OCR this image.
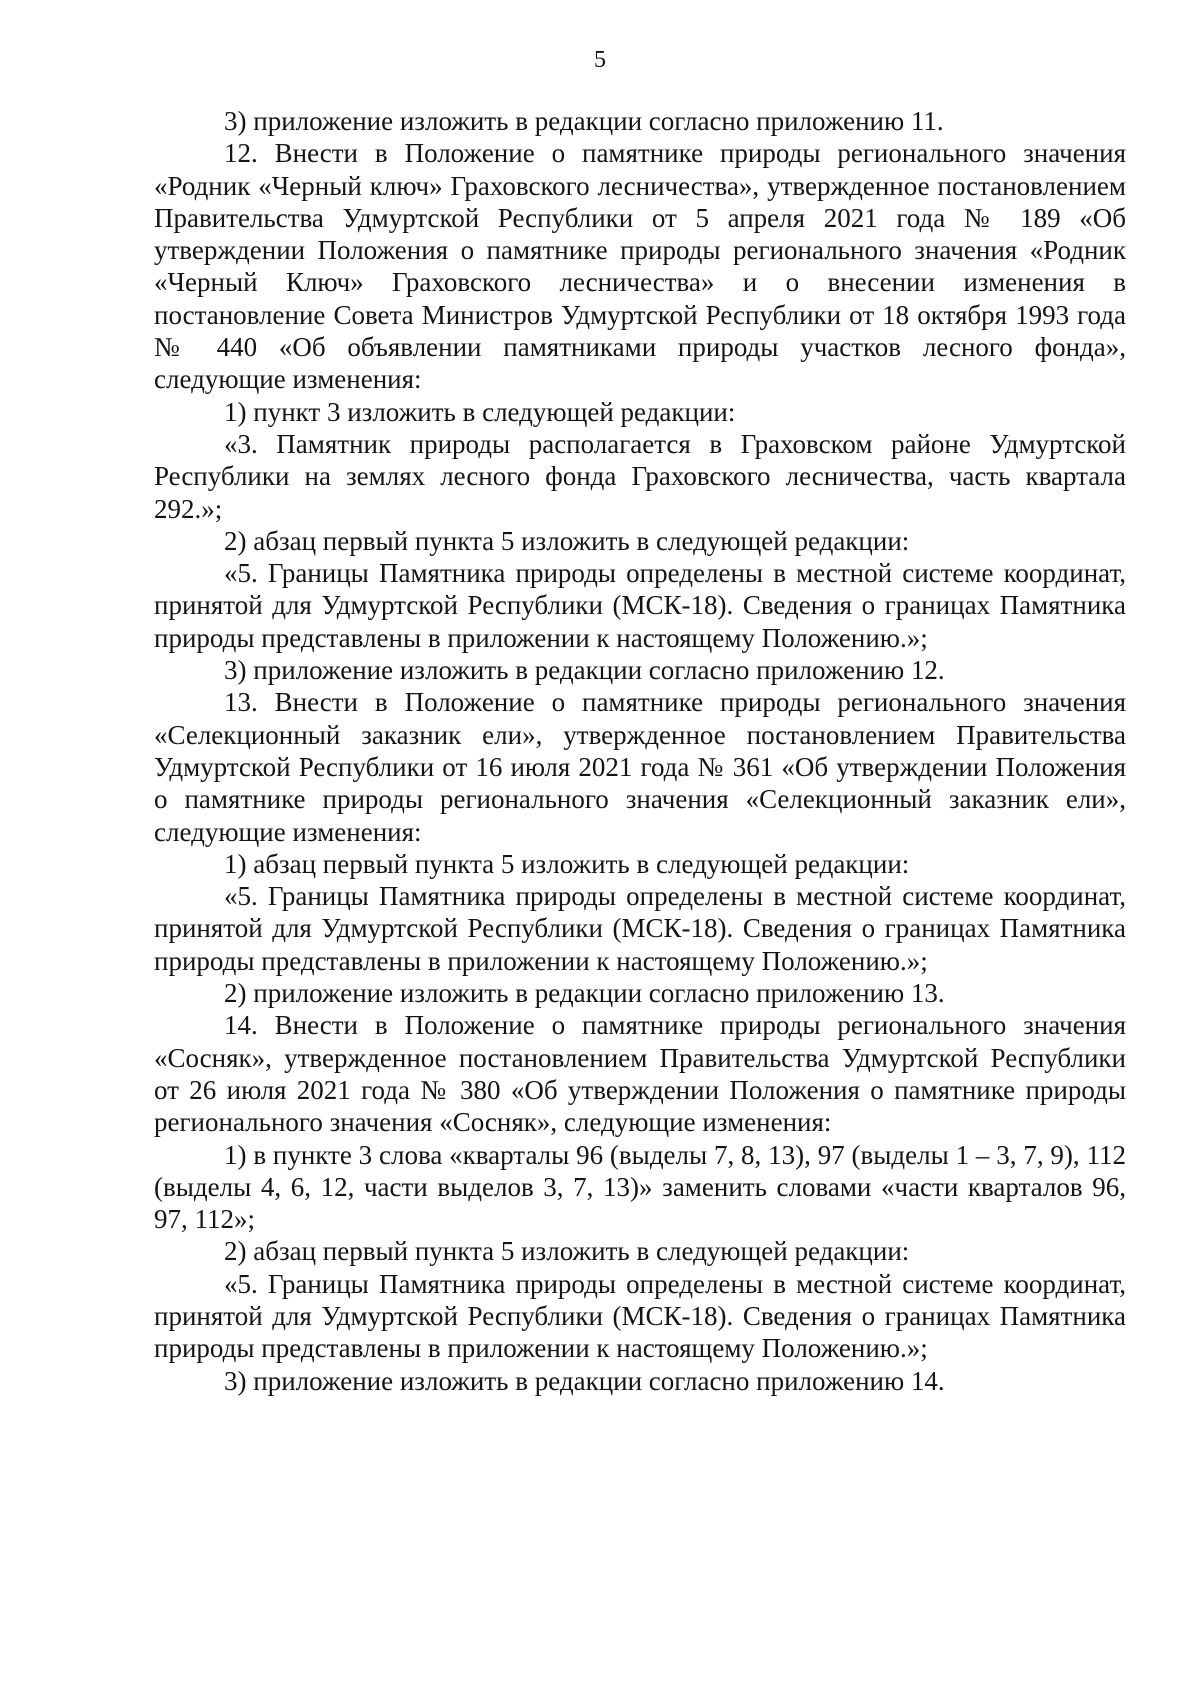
5

3) приложение изложить в редакции согласно приложению 11.

12. Внести в Положение о памятнике природы регионального значения «Родник «Черный ключ» Граховского лесничества», утвержденное постановлением Правительства Удмуртской Республики от 5 апреля 2021 года № 189 «Об утверждении Положения о памятнике природы регионального значения «Родник «Черный Ключ» Граховского лесничества» и о внесении изменения в постановление Совета Министров Удмуртской Республики от 18 октября 1993 года № 440 «Об объявлении памятниками природы участков лесного фонда», следующие изменения:

1) пункт 3 изложить в следующей редакции:

«3. Памятник природы располагается в Граховском районе Удмуртской Республики на землях лесного фонда Граховского лесничества, часть квартала 292.»;

2) абзац первый пункта 5 изложить в следующей редакции:

«5. Границы Памятника природы определены в местной системе координат, принятой для Удмуртской Республики (МСК-18). Сведения о границах Памятника природы представлены в приложении к настоящему Положению.»;

3) приложение изложить в редакции согласно приложению 12.

13. Внести в Положение о памятнике природы регионального значения «Селекционный заказник ели», утвержденное постановлением Правительства Удмуртской Республики от 16 июля 2021 года № 361 «Об утверждении Положения о памятнике природы регионального значения «Селекционный заказник ели», следующие изменения:

1) абзац первый пункта 5 изложить в следующей редакции:

«5. Границы Памятника природы определены в местной системе координат, принятой для Удмуртской Республики (МСК-18). Сведения о границах Памятника природы представлены в приложении к настоящему Положению.»;

2) приложение изложить в редакции согласно приложению 13.

14. Внести в Положение о памятнике природы регионального значения «Сосняк», утвержденное постановлением Правительства Удмуртской Республики от 26 июля 2021 года № 380 «Об утверждении Положения о памятнике природы регионального значения «Сосняк», следующие изменения:

1) в пункте 3 слова «кварталы 96 (выделы 7, 8, 13), 97 (выделы 1 – 3, 7, 9), 112 (выделы 4, 6, 12, части выделов 3, 7, 13)» заменить словами «части кварталов 96, 97, 112»;

2) абзац первый пункта 5 изложить в следующей редакции:

«5. Границы Памятника природы определены в местной системе координат, принятой для Удмуртской Республики (МСК-18). Сведения о границах Памятника природы представлены в приложении к настоящему Положению.»;

3) приложение изложить в редакции согласно приложению 14.
